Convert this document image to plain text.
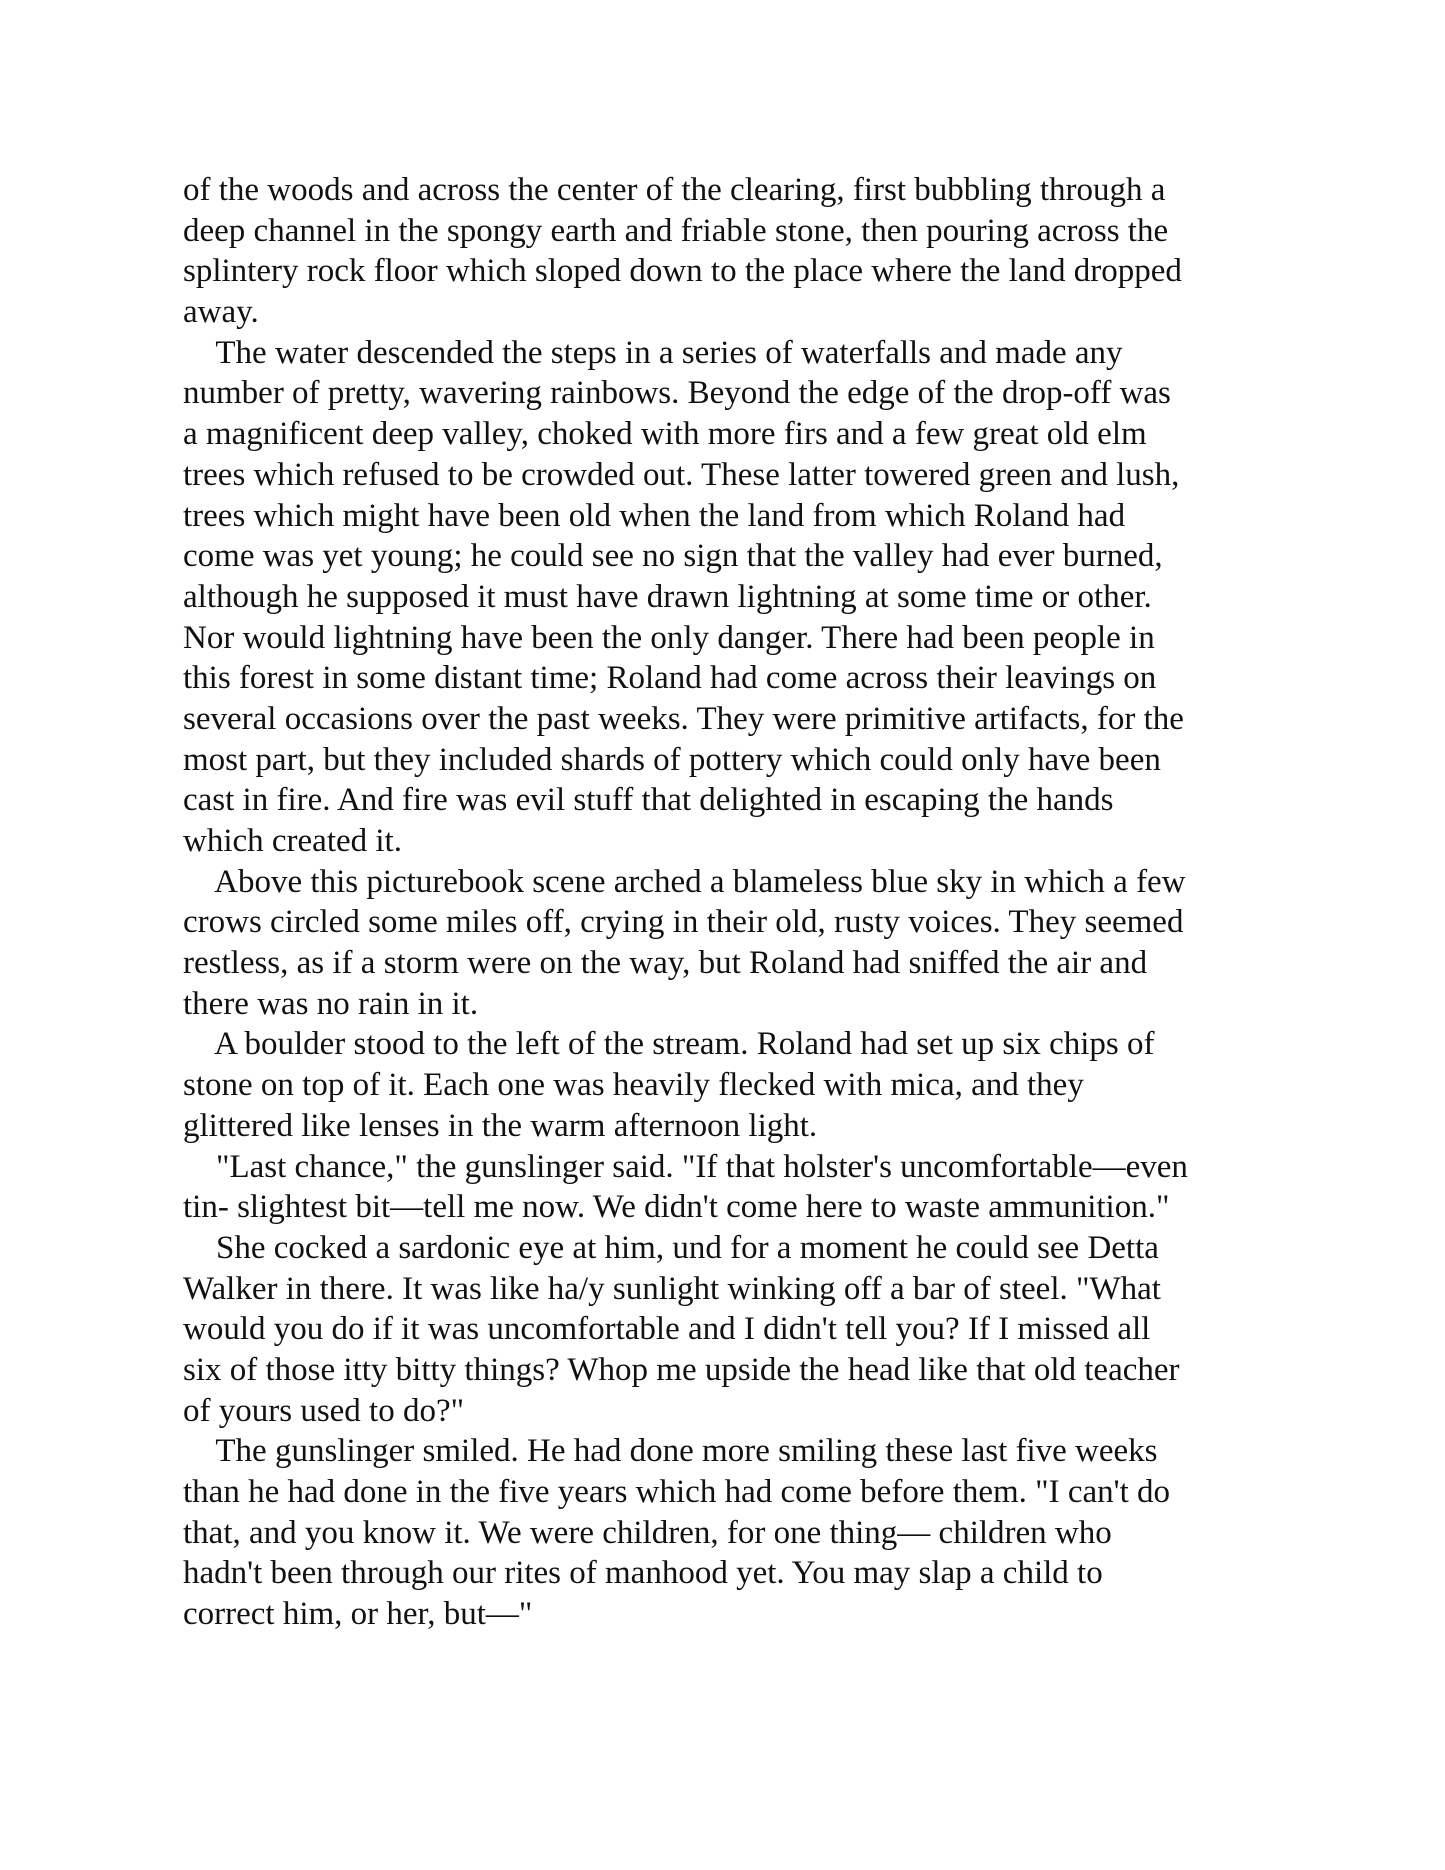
of the woods and across the center of the clearing, first bubbling through a
deep channel in the spongy earth and friable stone, then pouring across the
splintery rock floor which sloped down to the place where the land dropped
away.
The water descended the steps in a series of waterfalls and made any
number of pretty, wavering rainbows. Beyond the edge of the drop-off was
a magnificent deep valley, choked with more firs and a few great old elm
trees which refused to be crowded out. These latter towered green and lush,
trees which might have been old when the land from which Roland had
come was yet young; he could see no sign that the valley had ever burned,
although he supposed it must have drawn lightning at some time or other.
Nor would lightning have been the only danger. There had been people in
this forest in some distant time; Roland had come across their leavings on
several occasions over the past weeks. They were primitive artifacts, for the
most part, but they included shards of pottery which could only have been
cast in fire. And fire was evil stuff that delighted in escaping the hands
which created it.
Above this picturebook scene arched a blameless blue sky in which a few
crows circled some miles off, crying in their old, rusty voices. They seemed
restless, as if a storm were on the way, but Roland had sniffed the air and
there was no rain in it.
A boulder stood to the left of the stream. Roland had set up six chips of
stone on top of it. Each one was heavily flecked with mica, and they
glittered like lenses in the warm afternoon light.
"Last chance," the gunslinger said. "If that holster's uncomfortable—even
tin- slightest bit—tell me now. We didn't come here to waste ammunition."
She cocked a sardonic eye at him, und for a moment he could see Detta
Walker in there. It was like ha/y sunlight winking off a bar of steel. "What
would you do if it was uncomfortable and I didn't tell you? If I missed all
six of those itty bitty things? Whop me upside the head like that old teacher
of yours used to do?"
The gunslinger smiled. He had done more smiling these last five weeks
than he had done in the five years which had come before them. "I can't do
that, and you know it. We were children, for one thing— children who
hadn't been through our rites of manhood yet. You may slap a child to
correct him, or her, but—"
